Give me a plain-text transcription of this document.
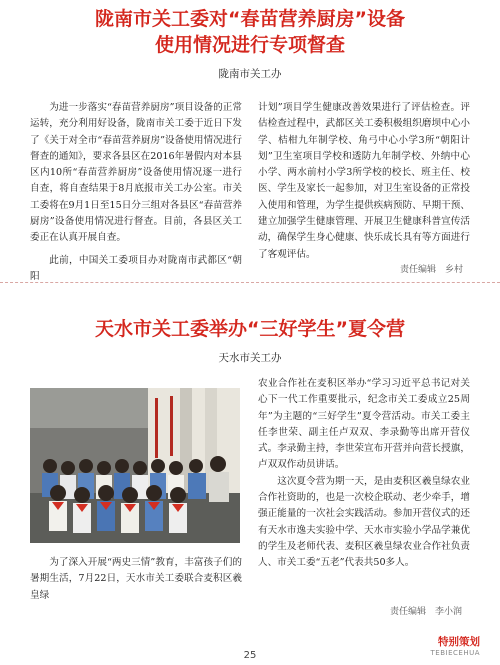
陇南市关工委对“春苗营养厨房”设备
使用情况进行专项督查
陇南市关工办

为进一步落实“春苗营养厨房”项目设备的正常运转，充分利用好设备，陇南市关工委于近日下发了《关于对全市“春苗营养厨房”设备使用情况进行督查的通知》，要求各县区在2016年暑假内对本县区内10所“春苗营养厨房”设备使用情况逐一进行自查，将自查结果于8月底报市关工办公室。市关工委将在9月1日至15日分三组对各县区“春苗营养厨房”设备使用情况进行督查。目前，各县区关工委正在认真开展自查。

此前，中国关工委项目办对陇南市武都区“朝阳

计划”项目学生健康改善效果进行了评估检查。评估检查过程中，武都区关工委积极组织磨坝中心小学、桔柑九年制学校、角弓中心小学3所“朝阳计划”卫生室项目学校和透防九年制学校、外纳中心小学、两水前村小学3所学校的校长、班主任、校医、学生及家长一起参加，对卫生室设备的正常投入使用和管理，为学生提供疾病预防、早期干预、建立加强学生健康管理、开展卫生健康科普宣传活动，确保学生身心健康、快乐成长具有等方面进行了客观评估。

责任编辑　乡村
天水市关工委举办“三好学生”夏令营
天水市关工办

为了深入开展“两史三情”教育，丰富孩子们的暑期生活，7月22日，天水市关工委联合麦积区羲皇绿

农业合作社在麦积区举办“学习习近平总书记对关心下一代工作重要批示，纪念市关工委成立25周年”为主题的“三好学生”夏令营活动。市关工委主任李世荣、副主任卢双双、李录勤等出席开营仪式。李录勤主持，李世荣宣布开营并向营长授旗，卢双双作动员讲话。

这次夏令营为期一天，是由麦积区羲皇绿农业合作社资助的，也是一次校企联动、老少牵手，增强正能量的一次社会实践活动。参加开营仪式的还有天水市逸夫实验中学、天水市实验小学品学兼优的学生及老师代表、麦积区羲皇绿农业合作社负责人、市关工委“五老”代表共50多人。

责任编辑　李小润
特别策划
TEBIECEHUA
25
